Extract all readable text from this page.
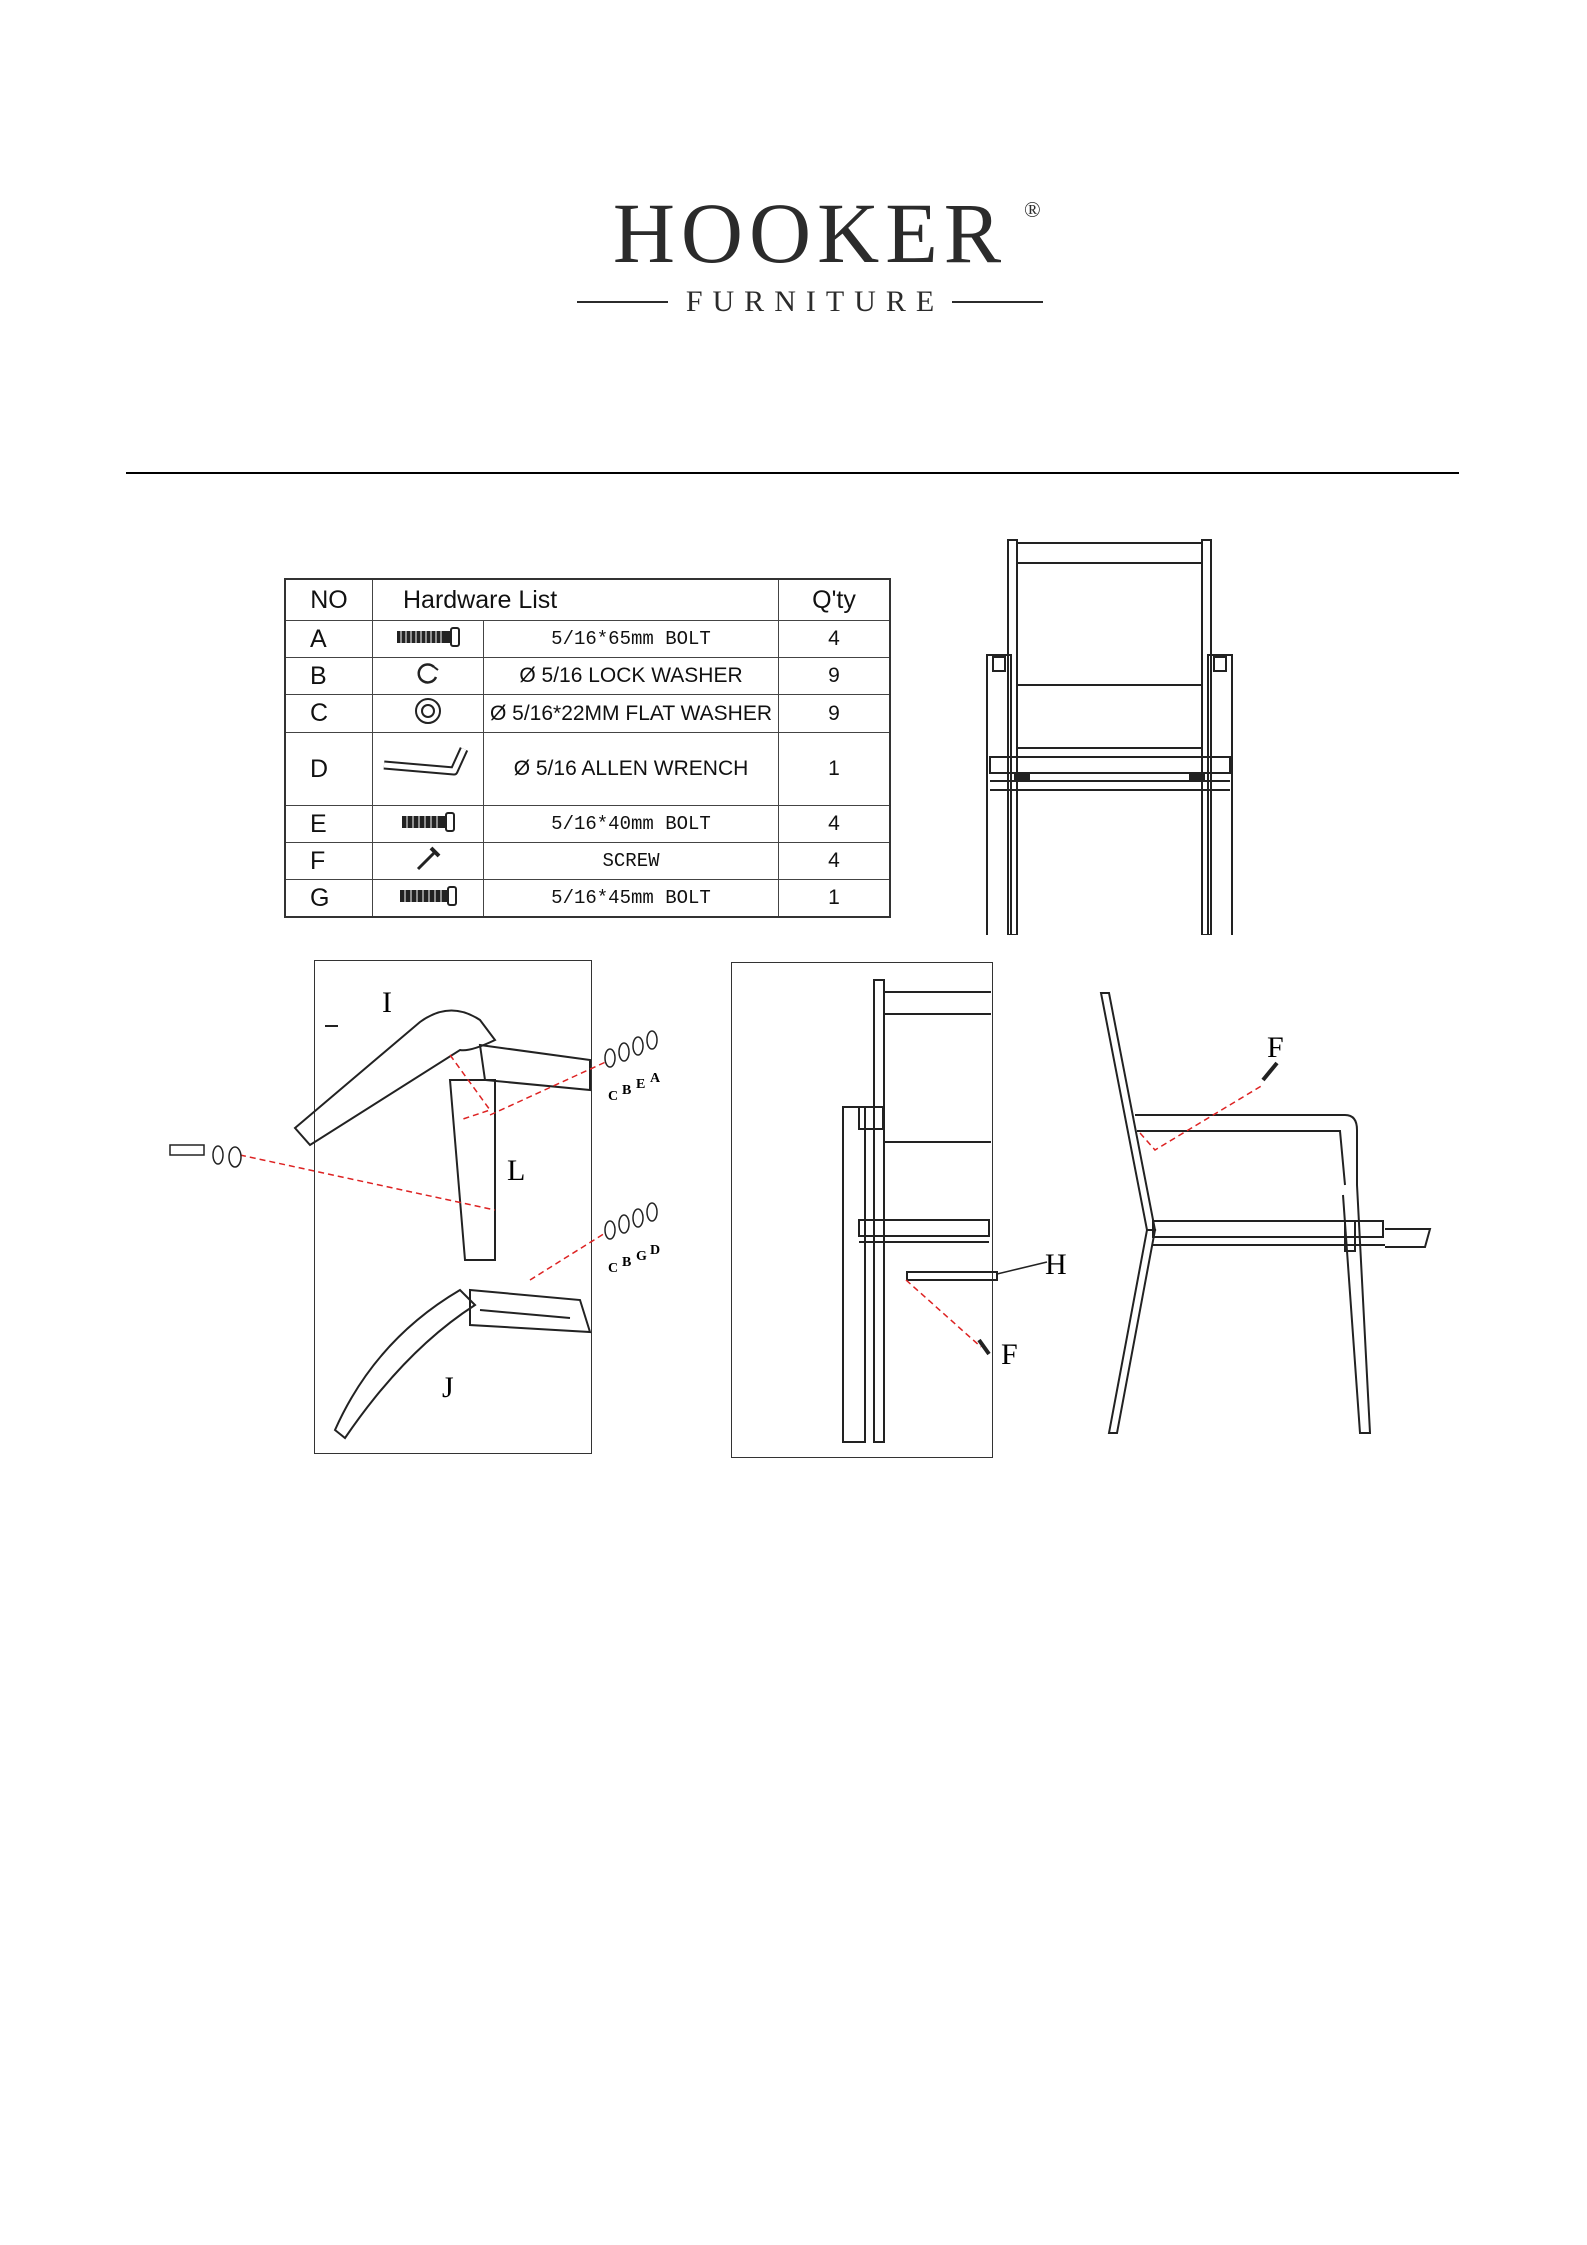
HOOKER ®
FURNITURE
NO	Hardware List		Q'ty
A		5/16*65mm BOLT	4
B		Ø 5/16 LOCK WASHER	9
C		Ø 5/16*22MM FLAT WASHER	9
D		Ø 5/16 ALLEN WRENCH	1
E		5/16*40mm BOLT	4
F		SCREW	4
G		5/16*45mm BOLT	1
I
L
J
C B E A
C B G D	H
F
F
